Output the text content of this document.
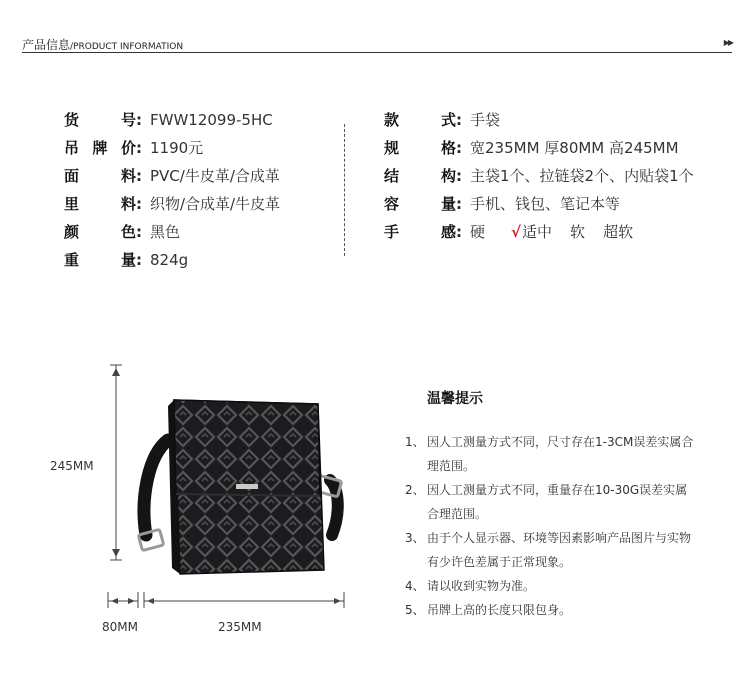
产品信息/PRODUCT INFORMATION	▶▶
货	号 : FWW12099-5HC
吊 牌 价 : 1190元
面	料 : PVC/牛皮革/合成革
里	料 : 织物/合成革/牛皮革
颜	色 : 黑色
重	量 : 824g
款	式 : 手袋
规	格 : 宽235MM 厚80MM 高245MM
结	构 : 主袋1个、拉链袋2个、内贴袋1个
容	量 : 手机、钱包、笔记本等
手	感 : 硬 √适中 软 超软
245MM
80MM	235MM
温馨提示
1、 因人工测量方式不同，尺寸存在1-3CM误差实属合理范围。
2、 因人工测量方式不同，重量存在10-30G误差实属合理范围。
3、 由于个人显示器、环境等因素影响产品图片与实物有少许色差属于正常现象。
4、 请以收到实物为准。
5、 吊牌上高的长度只限包身。
